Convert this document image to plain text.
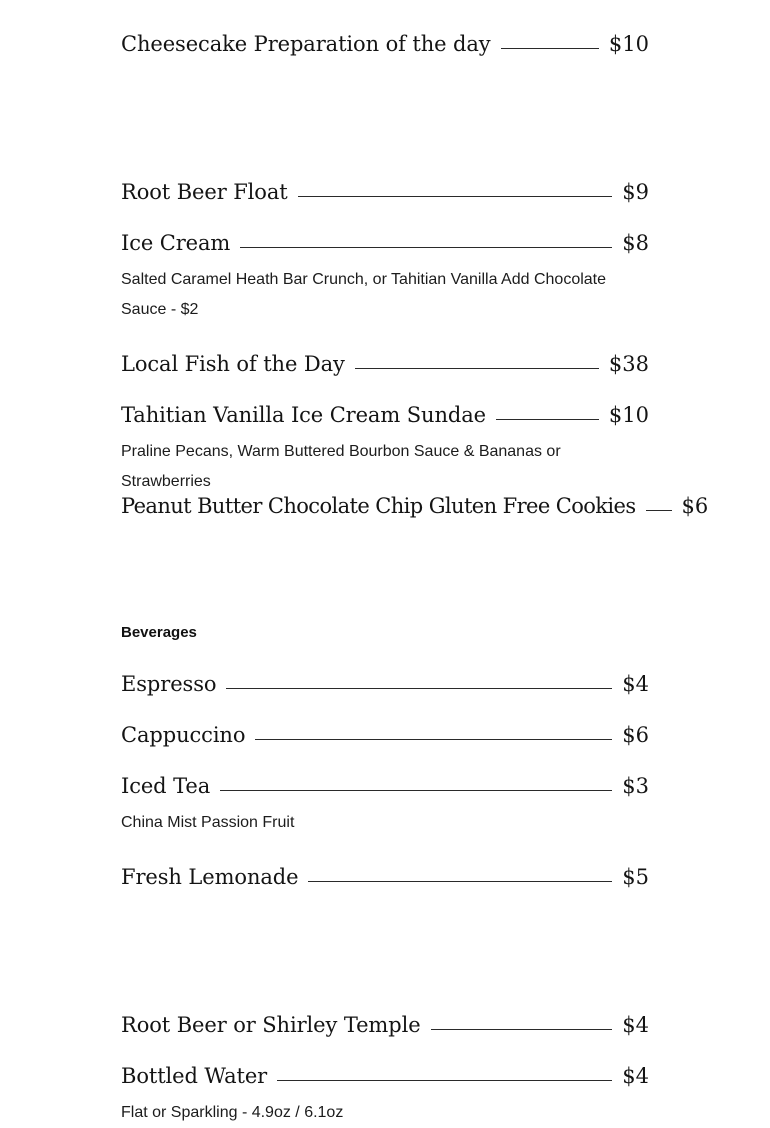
Cheesecake Preparation of the day	$10
Root Beer Float	$9
Ice Cream	$8
Salted Caramel Heath Bar Crunch, or Tahitian Vanilla Add Chocolate Sauce - $2
Local Fish of the Day	$38
Tahitian Vanilla Ice Cream Sundae	$10
Praline Pecans, Warm Buttered Bourbon Sauce & Bananas or Strawberries
Peanut Butter Chocolate Chip Gluten Free Cookies $6
Beverages
Espresso	$4
Cappuccino	$6
Iced Tea	$3
China Mist Passion Fruit
Fresh Lemonade	$5
Root Beer or Shirley Temple	$4
Bottled Water	$4
Flat or Sparkling - 4.9oz / 6.1oz
